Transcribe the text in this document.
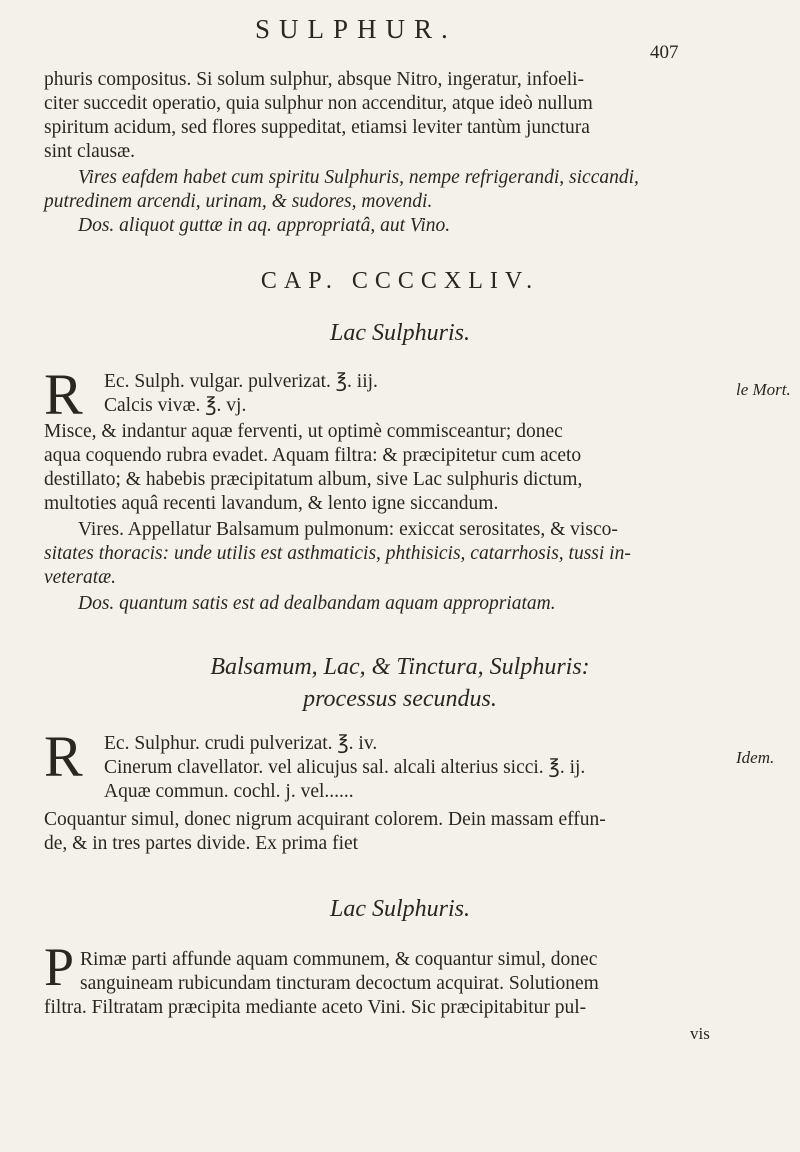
SULPHUR.
407

phuris compositus. Si solum sulphur, absque Nitro, ingeratur, infoeli-

citer succedit operatio, quia sulphur non accenditur, atque ideò nullum

spiritum acidum, sed flores suppeditat, etiamsi leviter tantùm junctura

sint clausæ.

Vires eafdem habet cum spiritu Sulphuris, nempe refrigerandi, siccandi,

putredinem arcendi, urinam, & sudores, movendi.

Dos. aliquot guttæ in aq. appropriatâ, aut Vino.

CAP. CCCCXLIV.
Lac Sulphuris.
R Ec. Sulph. vulgar. pulverizat. ℥. iij.
Calcis vivæ. ℥. vj.
le Mort.

Misce, & indantur aquæ ferventi, ut optimè commisceantur; donec

aqua coquendo rubra evadet. Aquam filtra: & præcipitetur cum aceto

destillato; & habebis præcipitatum album, sive Lac sulphuris dictum,

multoties aquâ recenti lavandum, & lento igne siccandum.

Vires. Appellatur Balsamum pulmonum: exiccat serositates, & visco-

sitates thoracis: unde utilis est asthmaticis, phthisicis, catarrhosis, tussi in-

veteratæ.

Dos. quantum satis est ad dealbandam aquam appropriatam.

Balsamum, Lac, & Tinctura, Sulphuris:
processus secundus.
R Ec. Sulphur. crudi pulverizat. ℥. iv.
Cinerum clavellator. vel alicujus sal. alcali alterius sicci. ℥. ij.
Aquæ commun. cochl. j. vel......
Idem.

Coquantur simul, donec nigrum acquirant colorem. Dein massam effun-

de, & in tres partes divide. Ex prima fiet

Lac Sulphuris.
P Rimæ parti affunde aquam communem, & coquantur simul, donec

sanguineam rubicundam tincturam decoctum acquirat. Solutionem

filtra. Filtratam præcipita mediante aceto Vini. Sic præcipitabitur pul-

vis
